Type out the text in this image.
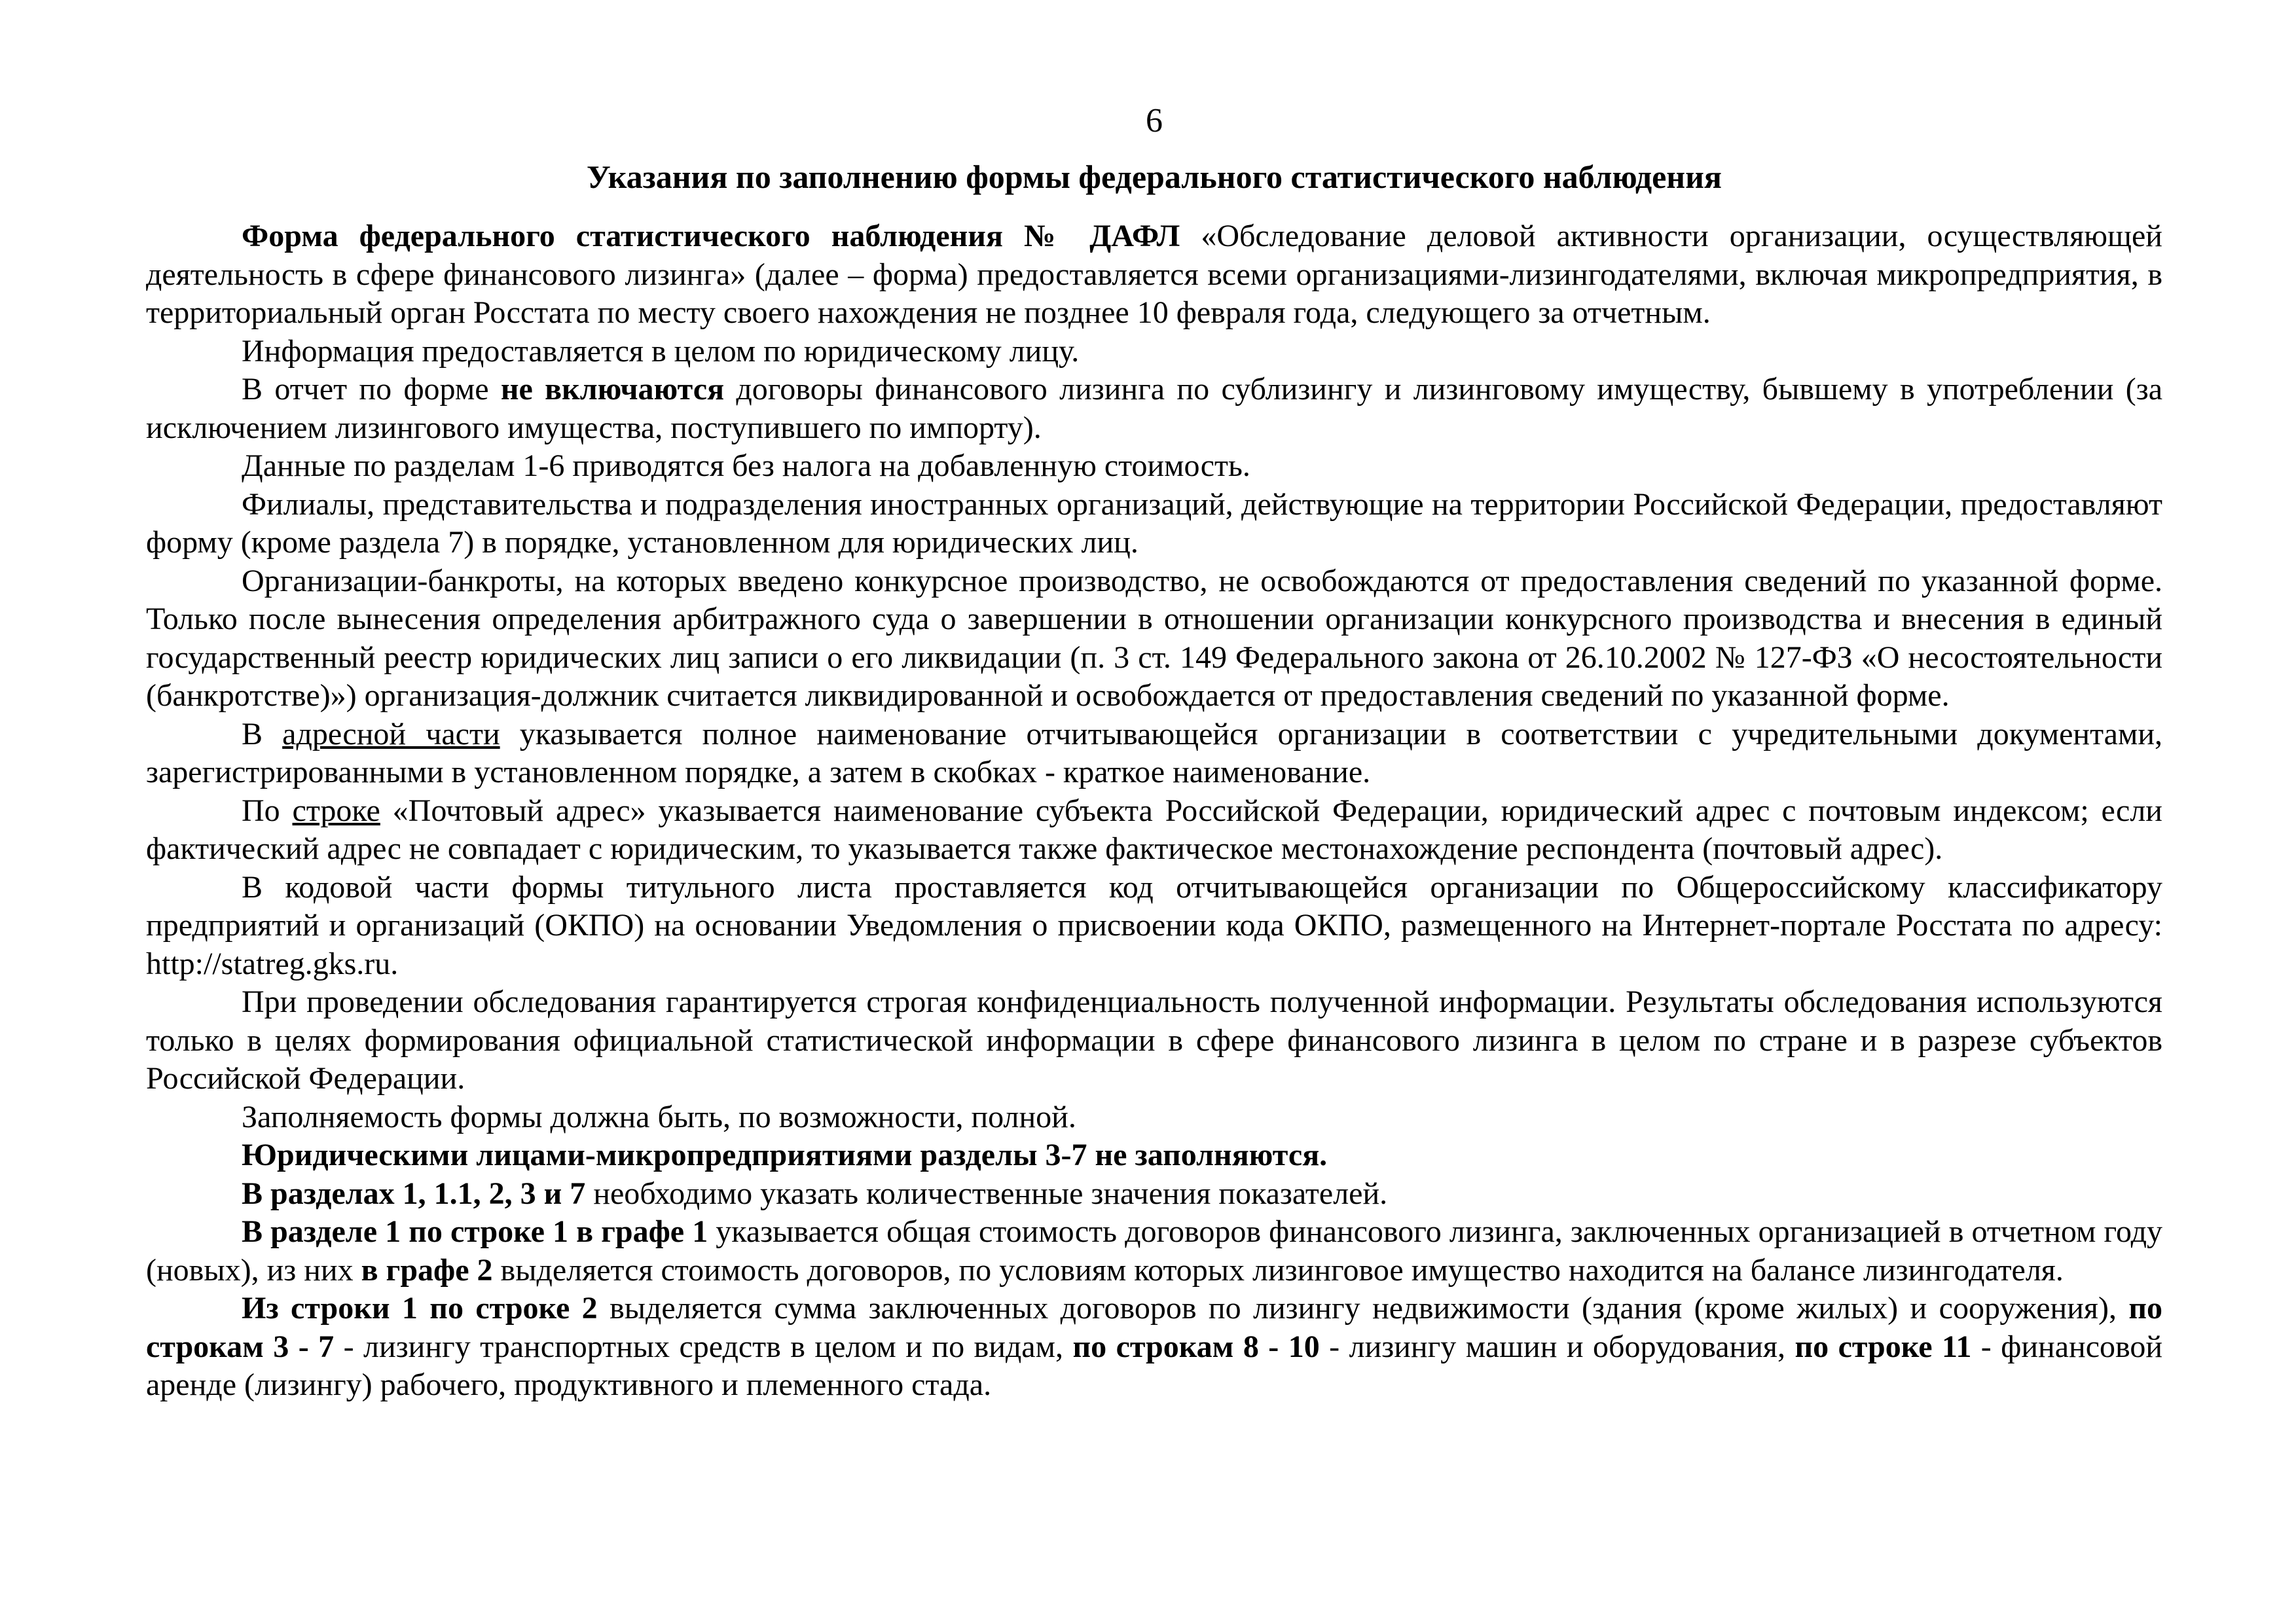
6
Указания по заполнению формы федерального статистического наблюдения

Форма федерального статистического наблюдения № ДАФЛ «Обследование деловой активности организации, осуществляющей деятельность в сфере финансового лизинга» (далее – форма) предоставляется всеми организациями-лизингодателями, включая микропредприятия, в территориальный орган Росстата по месту своего нахождения не позднее 10 февраля года, следующего за отчетным.

Информация предоставляется в целом по юридическому лицу.

В отчет по форме не включаются договоры финансового лизинга по сублизингу и лизинговому имуществу, бывшему в употреблении (за исключением лизингового имущества, поступившего по импорту).

Данные по разделам 1-6 приводятся без налога на добавленную стоимость.

Филиалы, представительства и подразделения иностранных организаций, действующие на территории Российской Федерации, предоставляют форму (кроме раздела 7) в порядке, установленном для юридических лиц.

Организации-банкроты, на которых введено конкурсное производство, не освобождаются от предоставления сведений по указанной форме. Только после вынесения определения арбитражного суда о завершении в отношении организации конкурсного производства и внесения в единый государственный реестр юридических лиц записи о его ликвидации (п. 3 ст. 149 Федерального закона от 26.10.2002 № 127-ФЗ «О несостоятельности (банкротстве)») организация-должник считается ликвидированной и освобождается от предоставления сведений по указанной форме.

В адресной части указывается полное наименование отчитывающейся организации в соответствии с учредительными документами, зарегистрированными в установленном порядке, а затем в скобках - краткое наименование.

По строке «Почтовый адрес» указывается наименование субъекта Российской Федерации, юридический адрес с почтовым индексом; если фактический адрес не совпадает с юридическим, то указывается также фактическое местонахождение респондента (почтовый адрес).

В кодовой части формы титульного листа проставляется код отчитывающейся организации по Общероссийскому классификатору предприятий и организаций (ОКПО) на основании Уведомления о присвоении кода ОКПО, размещенного на Интернет-портале Росстата по адресу: http://statreg.gks.ru.

При проведении обследования гарантируется строгая конфиденциальность полученной информации. Результаты обследования используются только в целях формирования официальной статистической информации в сфере финансового лизинга в целом по стране и в разрезе субъектов Российской Федерации.

Заполняемость формы должна быть, по возможности, полной.

Юридическими лицами-микропредприятиями разделы 3-7 не заполняются.

В разделах 1, 1.1, 2, 3 и 7 необходимо указать количественные значения показателей.

В разделе 1 по строке 1 в графе 1 указывается общая стоимость договоров финансового лизинга, заключенных организацией в отчетном году (новых), из них в графе 2 выделяется стоимость договоров, по условиям которых лизинговое имущество находится на балансе лизингодателя.

Из строки 1 по строке 2 выделяется сумма заключенных договоров по лизингу недвижимости (здания (кроме жилых) и сооружения), по строкам 3 - 7 - лизингу транспортных средств в целом и по видам, по строкам 8 - 10 - лизингу машин и оборудования, по строке 11 - финансовой аренде (лизингу) рабочего, продуктивного и племенного стада.
